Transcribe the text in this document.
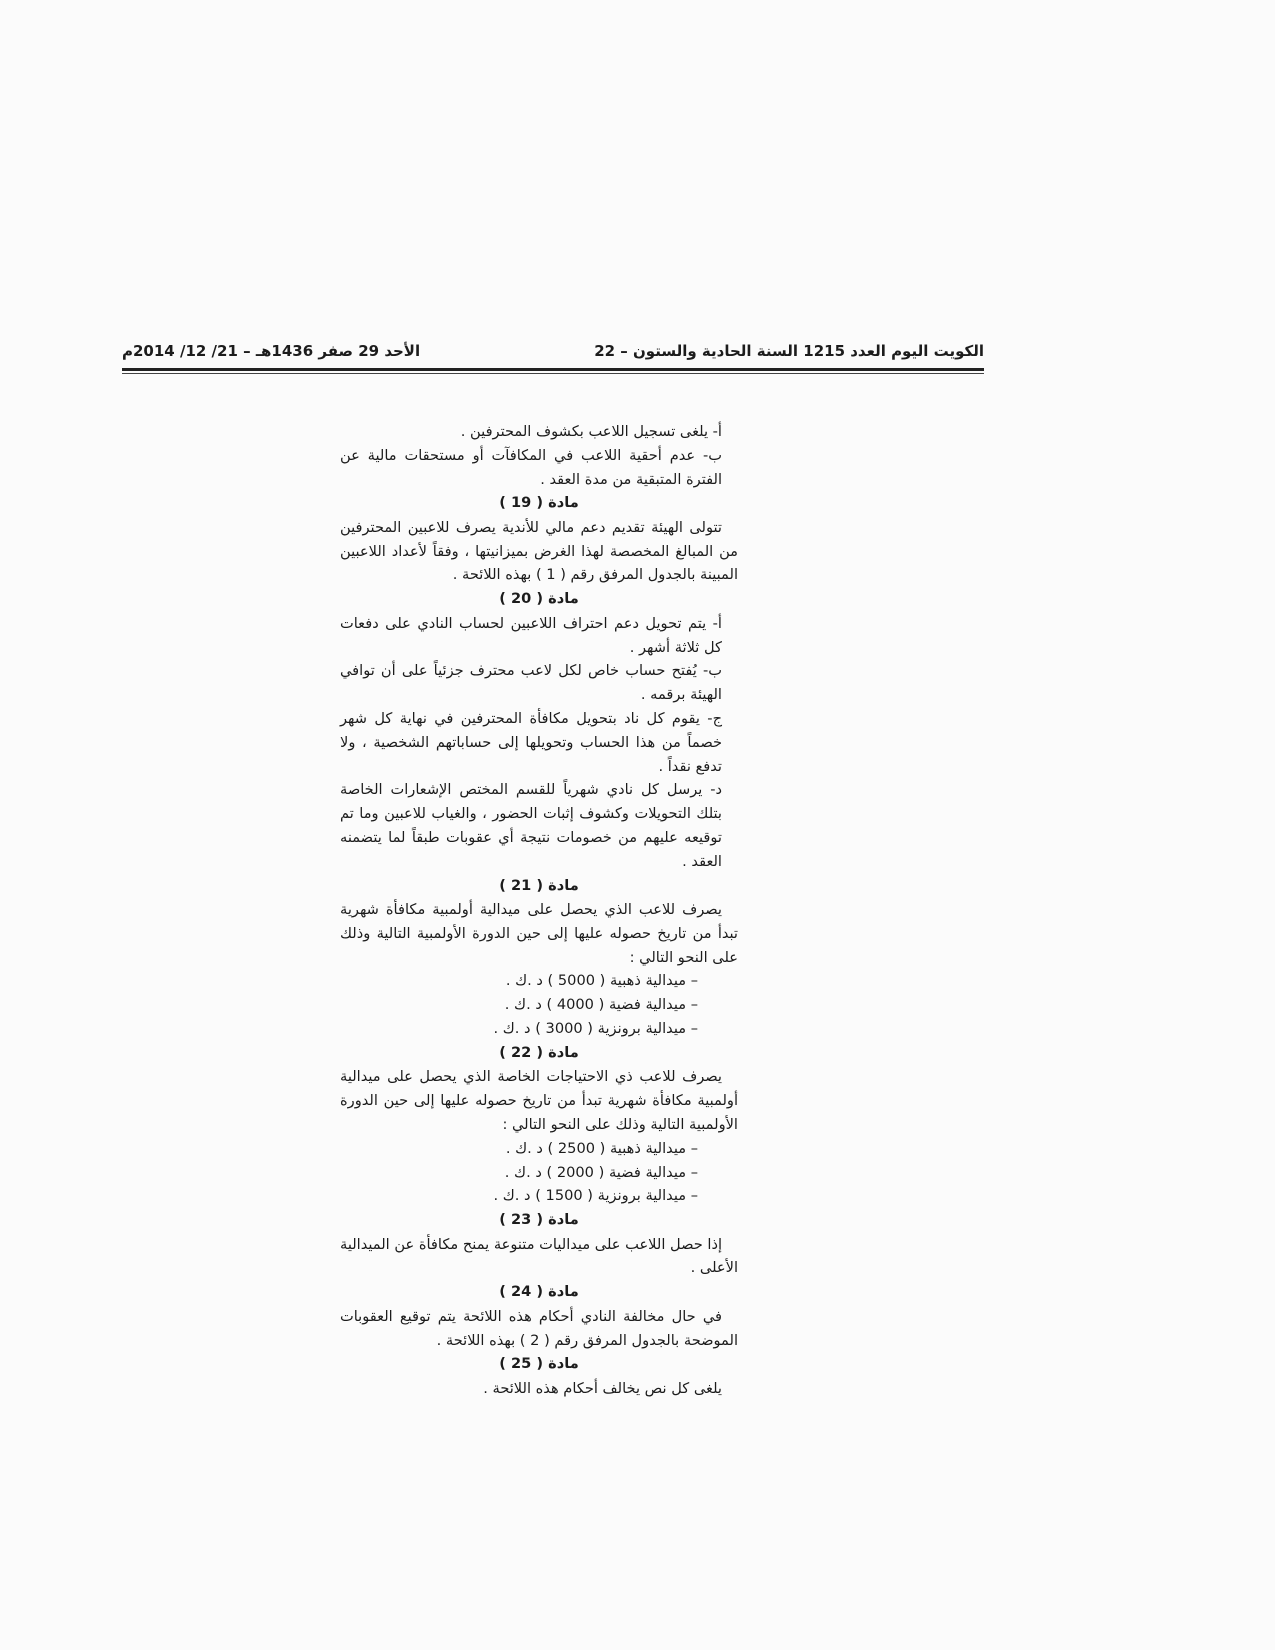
الكويت اليوم العدد 1215 السنة الحادية والستون – 22
الأحد 29 صفر 1436هـ – 21/ 12/ 2014م

أ- يلغى تسجيل اللاعب بكشوف المحترفين .

ب- عدم أحقية اللاعب في المكافآت أو مستحقات مالية عن الفترة المتبقية من مدة العقد .

مادة ( 19 )

تتولى الهيئة تقديم دعم مالي للأندية يصرف للاعبين المحترفين من المبالغ المخصصة لهذا الغرض بميزانيتها ، وفقاً لأعداد اللاعبين المبينة بالجدول المرفق رقم ( 1 ) بهذه اللائحة .

مادة ( 20 )

أ- يتم تحويل دعم احتراف اللاعبين لحساب النادي على دفعات كل ثلاثة أشهر .

ب- يُفتح حساب خاص لكل لاعب محترف جزئياً على أن توافي الهيئة برقمه .

ج- يقوم كل ناد بتحويل مكافأة المحترفين في نهاية كل شهر خصماً من هذا الحساب وتحويلها إلى حساباتهم الشخصية ، ولا تدفع نقداً .

د- يرسل كل نادي شهرياً للقسم المختص الإشعارات الخاصة بتلك التحويلات وكشوف إثبات الحضور ، والغياب للاعبين وما تم توقيعه عليهم من خصومات نتيجة أي عقوبات طبقاً لما يتضمنه العقد .

مادة ( 21 )

يصرف للاعب الذي يحصل على ميدالية أولمبية مكافأة شهرية تبدأ من تاريخ حصوله عليها إلى حين الدورة الأولمبية التالية وذلك على النحو التالي :

– ميدالية ذهبية ( 5000 ) د .ك .
– ميدالية فضية ( 4000 ) د .ك .
– ميدالية برونزية ( 3000 ) د .ك .

مادة ( 22 )

يصرف للاعب ذي الاحتياجات الخاصة الذي يحصل على ميدالية أولمبية مكافأة شهرية تبدأ من تاريخ حصوله عليها إلى حين الدورة الأولمبية التالية وذلك على النحو التالي :

– ميدالية ذهبية ( 2500 ) د .ك .
– ميدالية فضية ( 2000 ) د .ك .
– ميدالية برونزية ( 1500 ) د .ك .

مادة ( 23 )

إذا حصل اللاعب على ميداليات متنوعة يمنح مكافأة عن الميدالية الأعلى .

مادة ( 24 )

في حال مخالفة النادي أحكام هذه اللائحة يتم توقيع العقوبات الموضحة بالجدول المرفق رقم ( 2 ) بهذه اللائحة .

مادة ( 25 )

يلغى كل نص يخالف أحكام هذه اللائحة .
